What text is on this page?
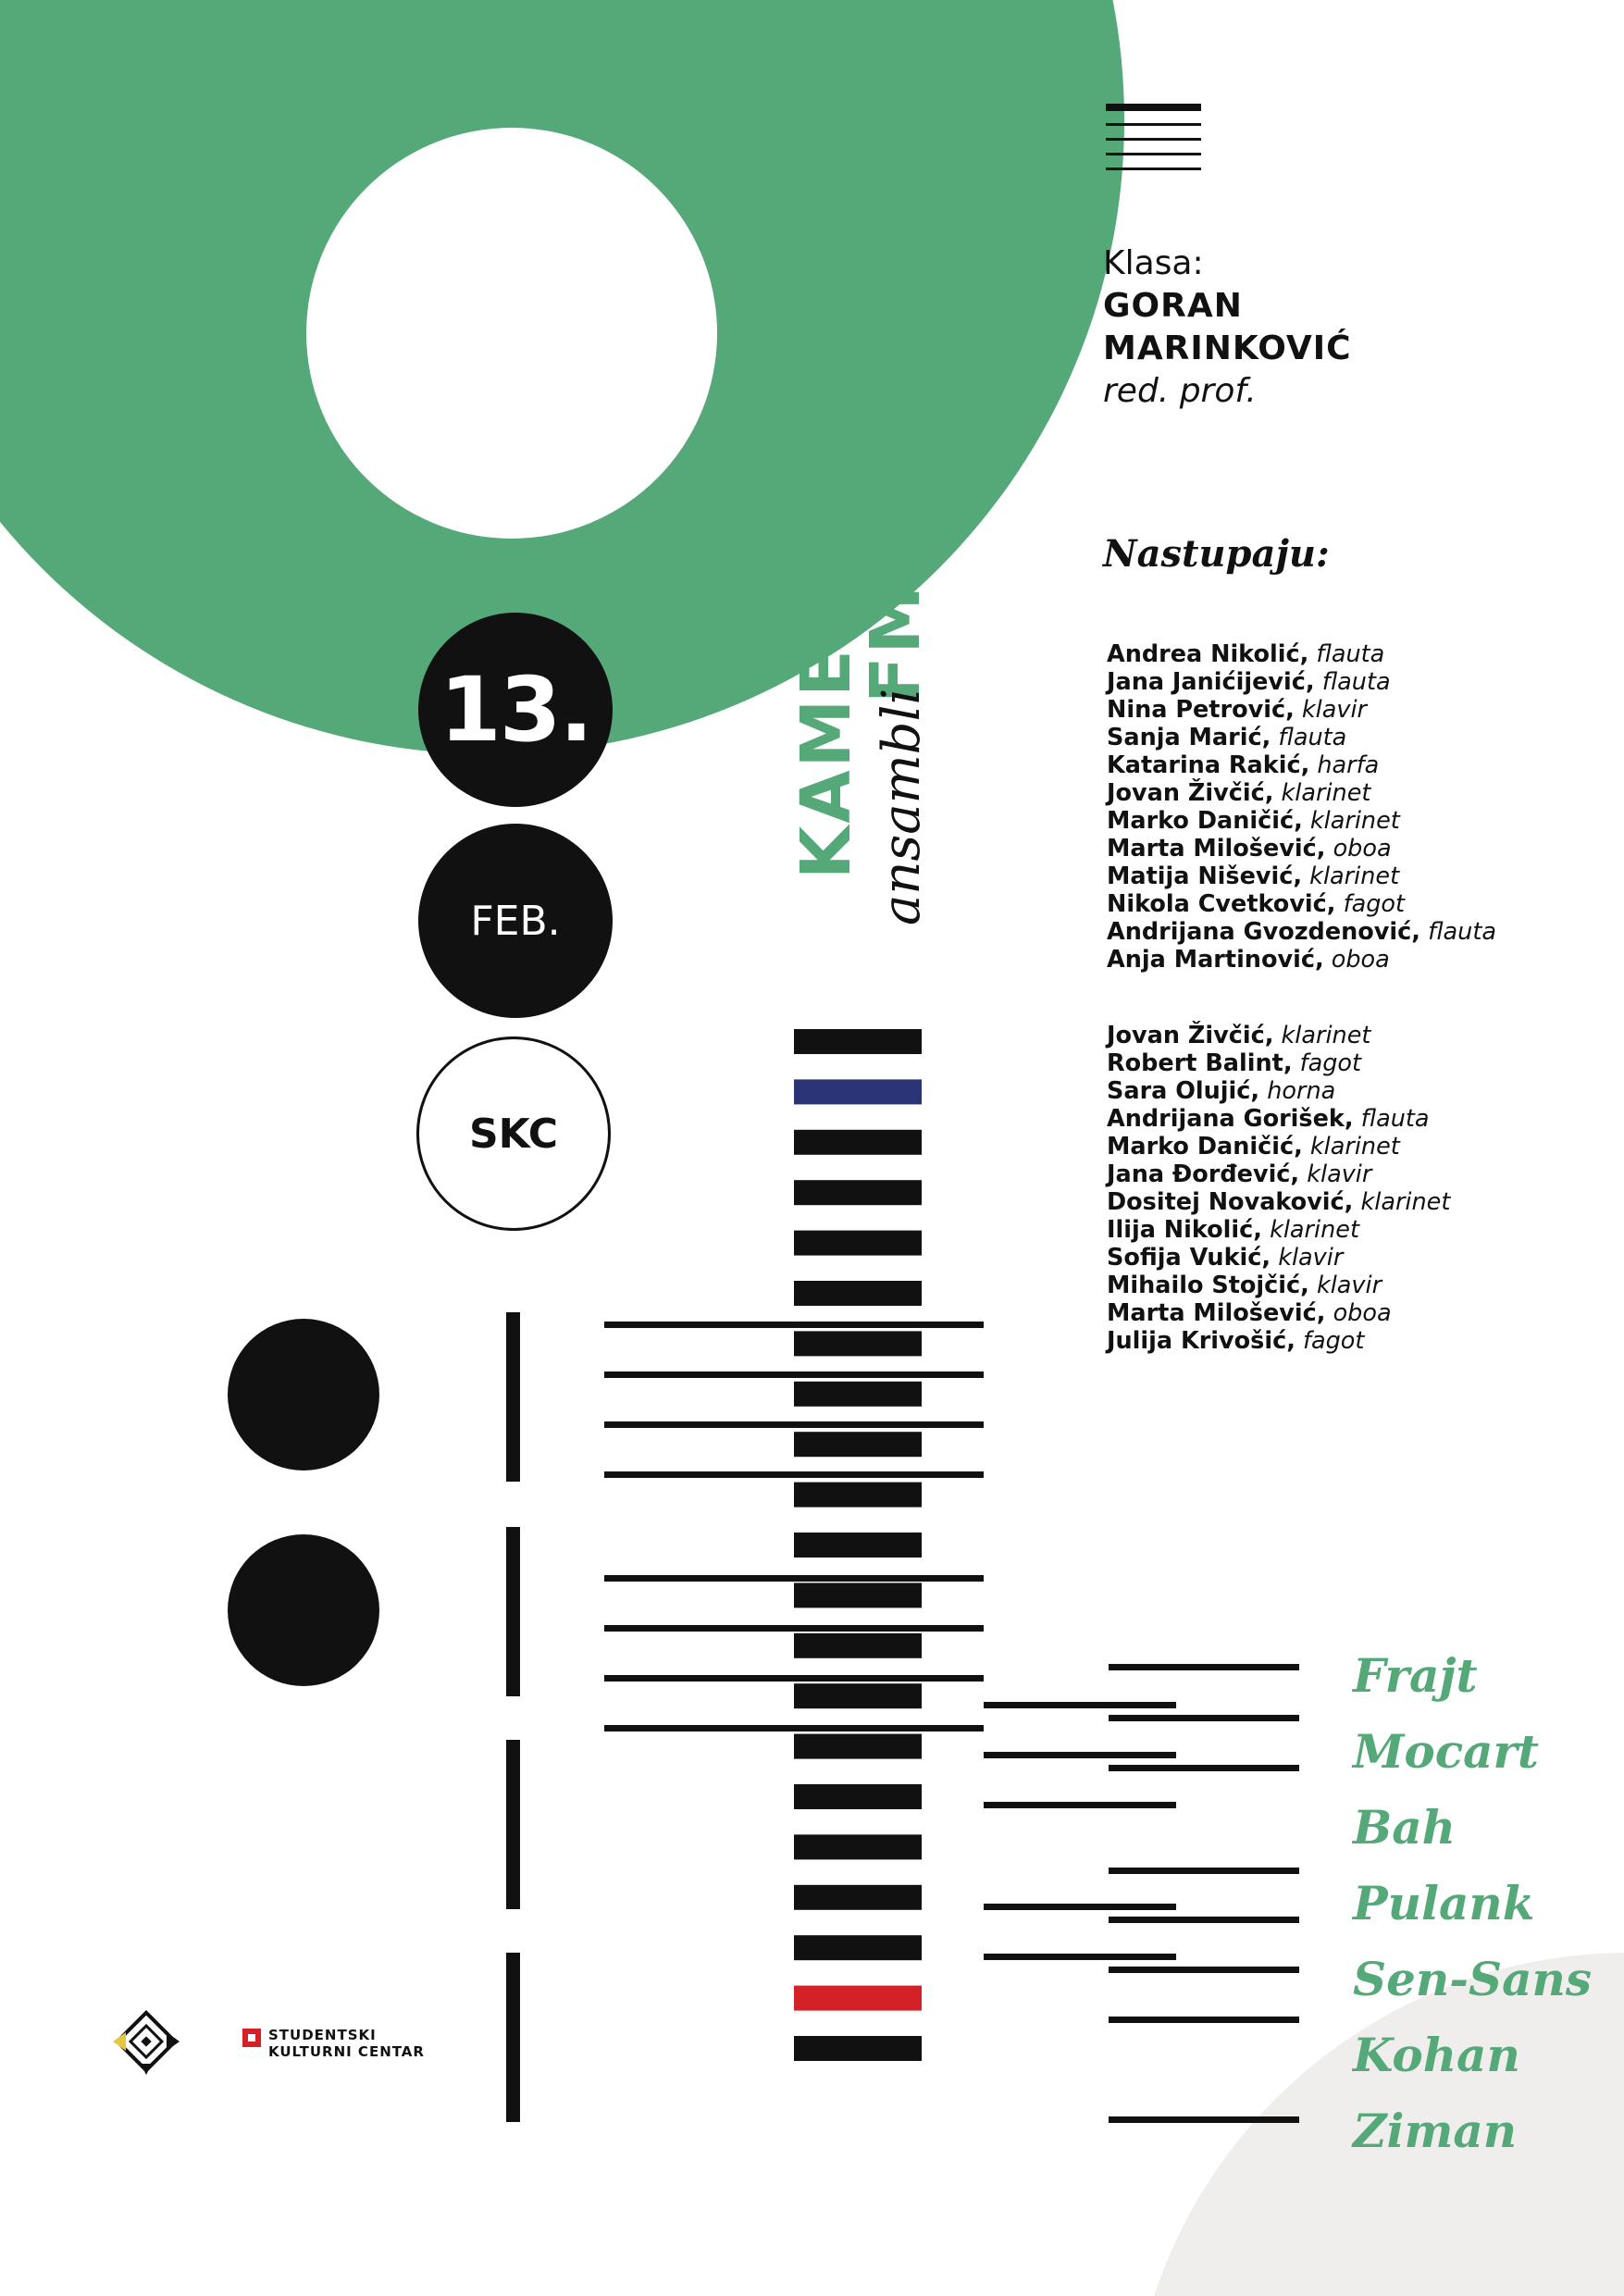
Klasa:
GORAN
MARINKOVIĆ
red. prof.
Nastupaju:
Andrea Nikolić, flauta
Jana Janićijević, flauta
Nina Petrović, klavir
Sanja Marić, flauta
Katarina Rakić, harfa
Jovan Živčić, klarinet
Marko Daničić, klarinet
Marta Milošević, oboa
Matija Nišević, klarinet
Nikola Cvetković, fagot
Andrijana Gvozdenović, flauta
Anja Martinović, oboa
Jovan Živčić, klarinet
Robert Balint, fagot
Sara Olujić, horna
Andrijana Gorišek, flauta
Marko Daničić, klarinet
Jana Đorđević, klavir
Dositej Novaković, klarinet
Ilija Nikolić, klarinet
Sofija Vukić, klavir
Mihailo Stojčić, klavir
Marta Milošević, oboa
Julija Krivošić, fagot
13.
FEB.
SKC
KAMERNI
FMU
ansambli
Frajt
Mocart
Bah
Pulank
Sen-Sans
Kohan
Ziman
STUDENTSKI
KULTURNI CENTAR
